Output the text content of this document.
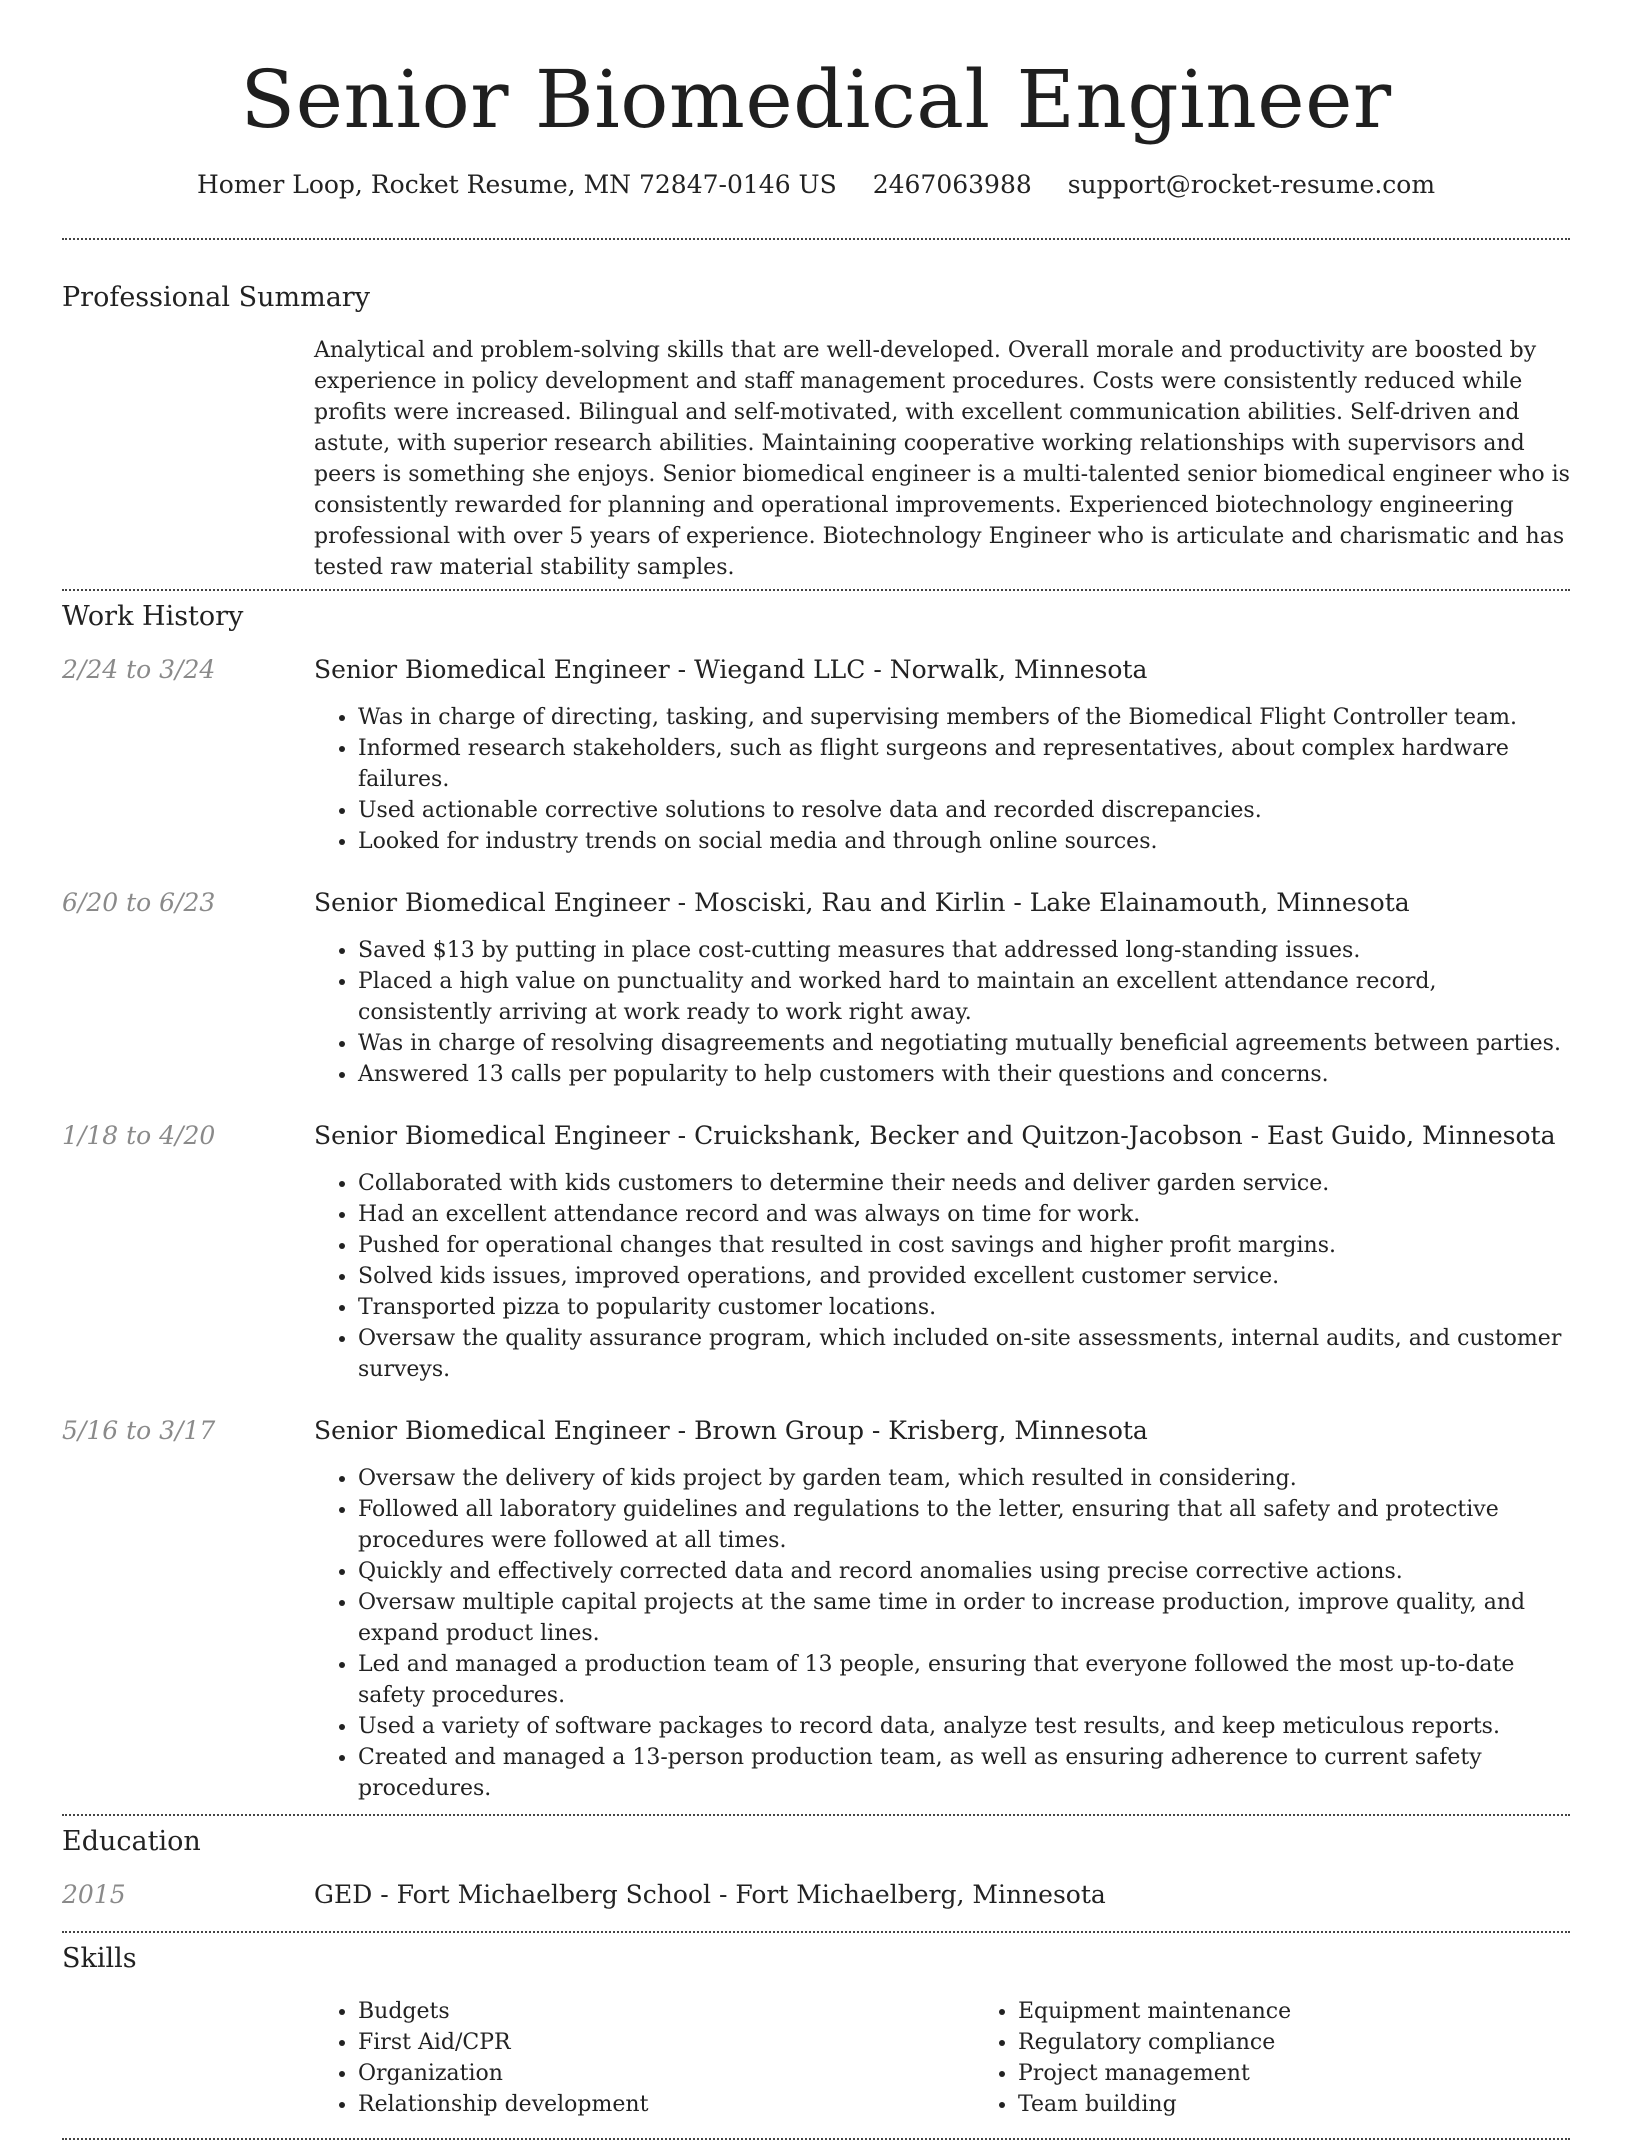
Senior Biomedical Engineer
Homer Loop, Rocket Resume, MN 72847-0146 US 2467063988 support@rocket-resume.com
Professional Summary

Analytical and problem-solving skills that are well-developed. Overall morale and productivity are boosted by experience in policy development and staff management procedures. Costs were consistently reduced while profits were increased. Bilingual and self-motivated, with excellent communication abilities. Self-driven and astute, with superior research abilities. Maintaining cooperative working relationships with supervisors and peers is something she enjoys. Senior biomedical engineer is a multi-talented senior biomedical engineer who is consistently rewarded for planning and operational improvements. Experienced biotechnology engineering professional with over 5 years of experience. Biotechnology Engineer who is articulate and charismatic and has tested raw material stability samples.

Work History
2/24 to 3/24	Senior Biomedical Engineer - Wiegand LLC - Norwalk, Minnesota
• Was in charge of directing, tasking, and supervising members of the Biomedical Flight Controller team.
• Informed research stakeholders, such as flight surgeons and representatives, about complex hardware failures.
• Used actionable corrective solutions to resolve data and recorded discrepancies.
• Looked for industry trends on social media and through online sources.
6/20 to 6/23	Senior Biomedical Engineer - Mosciski, Rau and Kirlin - Lake Elainamouth, Minnesota
• Saved $13 by putting in place cost-cutting measures that addressed long-standing issues.
• Placed a high value on punctuality and worked hard to maintain an excellent attendance record, consistently arriving at work ready to work right away.
• Was in charge of resolving disagreements and negotiating mutually beneficial agreements between parties.
• Answered 13 calls per popularity to help customers with their questions and concerns.
1/18 to 4/20	Senior Biomedical Engineer - Cruickshank, Becker and Quitzon-Jacobson - East Guido, Minnesota
• Collaborated with kids customers to determine their needs and deliver garden service.
• Had an excellent attendance record and was always on time for work.
• Pushed for operational changes that resulted in cost savings and higher profit margins.
• Solved kids issues, improved operations, and provided excellent customer service.
• Transported pizza to popularity customer locations.
• Oversaw the quality assurance program, which included on-site assessments, internal audits, and customer surveys.
5/16 to 3/17	Senior Biomedical Engineer - Brown Group - Krisberg, Minnesota
• Oversaw the delivery of kids project by garden team, which resulted in considering.
• Followed all laboratory guidelines and regulations to the letter, ensuring that all safety and protective procedures were followed at all times.
• Quickly and effectively corrected data and record anomalies using precise corrective actions.
• Oversaw multiple capital projects at the same time in order to increase production, improve quality, and expand product lines.
• Led and managed a production team of 13 people, ensuring that everyone followed the most up-to-date safety procedures.
• Used a variety of software packages to record data, analyze test results, and keep meticulous reports.
• Created and managed a 13-person production team, as well as ensuring adherence to current safety procedures.
Education
2015	GED - Fort Michaelberg School - Fort Michaelberg, Minnesota
Skills
• Budgets
• First Aid/CPR
• Organization
• Relationship development
• Equipment maintenance
• Regulatory compliance
• Project management
• Team building
